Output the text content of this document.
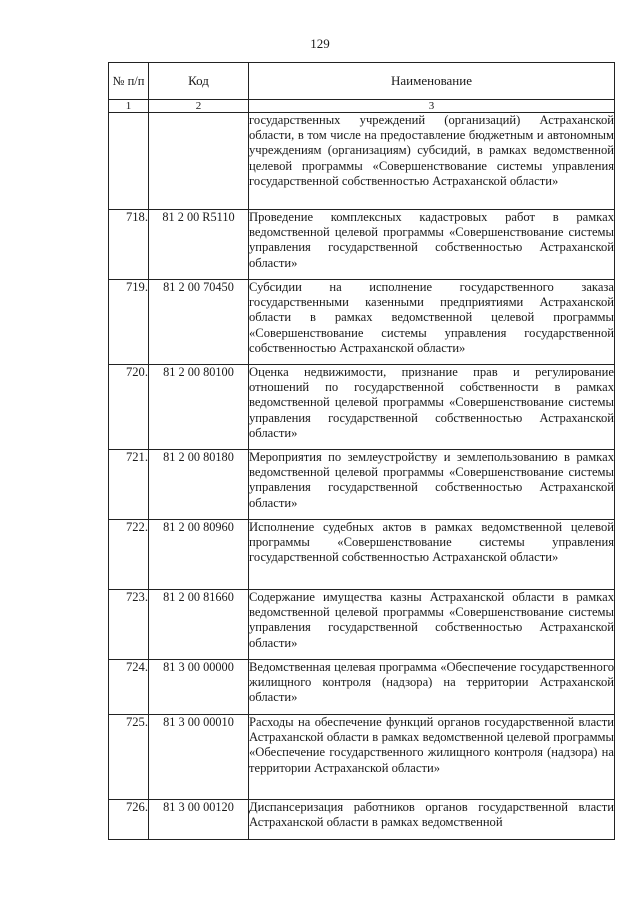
129
№ п/п	Код	Наименование
1	2	3
		государственных учреждений (организаций) Астраханской области, в том числе на предоставление бюджетным и автономным учреждениям (организациям) субсидий, в рамках ведомственной целевой программы «Совершенствование системы управления государственной собственностью Астраханской области»
718.	81 2 00 R5110	Проведение комплексных кадастровых работ в рамках ведомственной целевой программы «Совершенствование системы управления государственной собственностью Астраханской области»
719.	81 2 00 70450	Субсидии на исполнение государственного заказа государственными казенными предприятиями Астраханской области в рамках ведомственной целевой программы «Совершенствование системы управления государственной собственностью Астраханской области»
720.	81 2 00 80100	Оценка недвижимости, признание прав и регулирование отношений по государственной собственности в рамках ведомственной целевой программы «Совершенствование системы управления государственной собственностью Астраханской области»
721.	81 2 00 80180	Мероприятия по землеустройству и землепользованию в рамках ведомственной целевой программы «Совершенствование системы управления государственной собственностью Астраханской области»
722.	81 2 00 80960	Исполнение судебных актов в рамках ведомственной целевой программы «Совершенствование системы управления государственной собственностью Астраханской области»
723.	81 2 00 81660	Содержание имущества казны Астраханской области в рамках ведомственной целевой программы «Совершенствование системы управления государственной собственностью Астраханской области»
724.	81 3 00 00000	Ведомственная целевая программа «Обеспечение государственного жилищного контроля (надзора) на территории Астраханской области»
725.	81 3 00 00010	Расходы на обеспечение функций органов государственной власти Астраханской области в рамках ведомственной целевой программы «Обеспечение государственного жилищного контроля (надзора) на территории Астраханской области»
726.	81 3 00 00120	Диспансеризация работников органов государственной власти Астраханской области в рамках ведомственной
